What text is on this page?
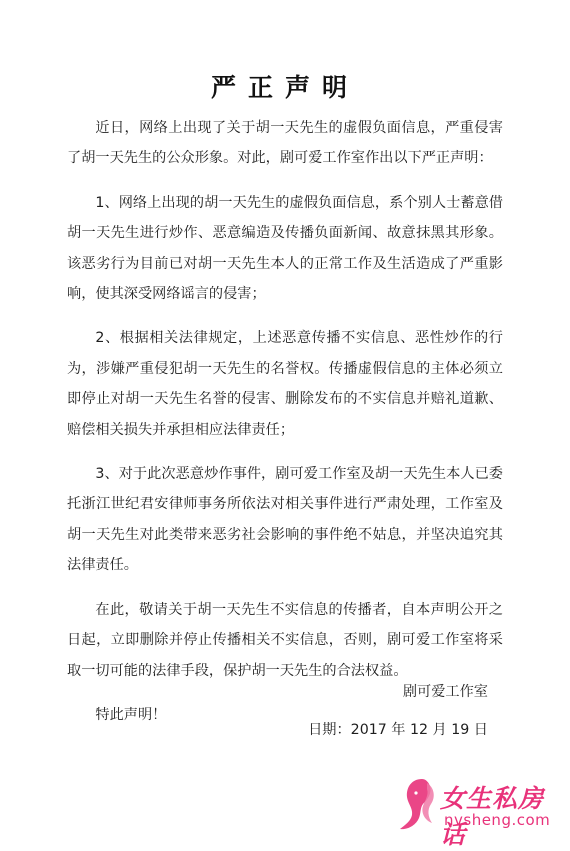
严正声明

近日，网络上出现了关于胡一天先生的虚假负面信息，严重侵害了胡一天先生的公众形象。对此，剧可爱工作室作出以下严正声明：

1、网络上出现的胡一天先生的虚假负面信息，系个别人士蓄意借胡一天先生进行炒作、恶意编造及传播负面新闻、故意抹黑其形象。该恶劣行为目前已对胡一天先生本人的正常工作及生活造成了严重影响，使其深受网络谣言的侵害；

2、根据相关法律规定，上述恶意传播不实信息、恶性炒作的行为，涉嫌严重侵犯胡一天先生的名誉权。传播虚假信息的主体必须立即停止对胡一天先生名誉的侵害、删除发布的不实信息并赔礼道歉、赔偿相关损失并承担相应法律责任；

3、对于此次恶意炒作事件，剧可爱工作室及胡一天先生本人已委托浙江世纪君安律师事务所依法对相关事件进行严肃处理，工作室及胡一天先生对此类带来恶劣社会影响的事件绝不姑息，并坚决追究其法律责任。

在此，敬请关于胡一天先生不实信息的传播者，自本声明公开之日起，立即删除并停止传播相关不实信息，否则，剧可爱工作室将采取一切可能的法律手段，保护胡一天先生的合法权益。

特此声明！

剧可爱工作室
日期：2017 年 12 月 19 日
女生私房话
nvsheng.com
